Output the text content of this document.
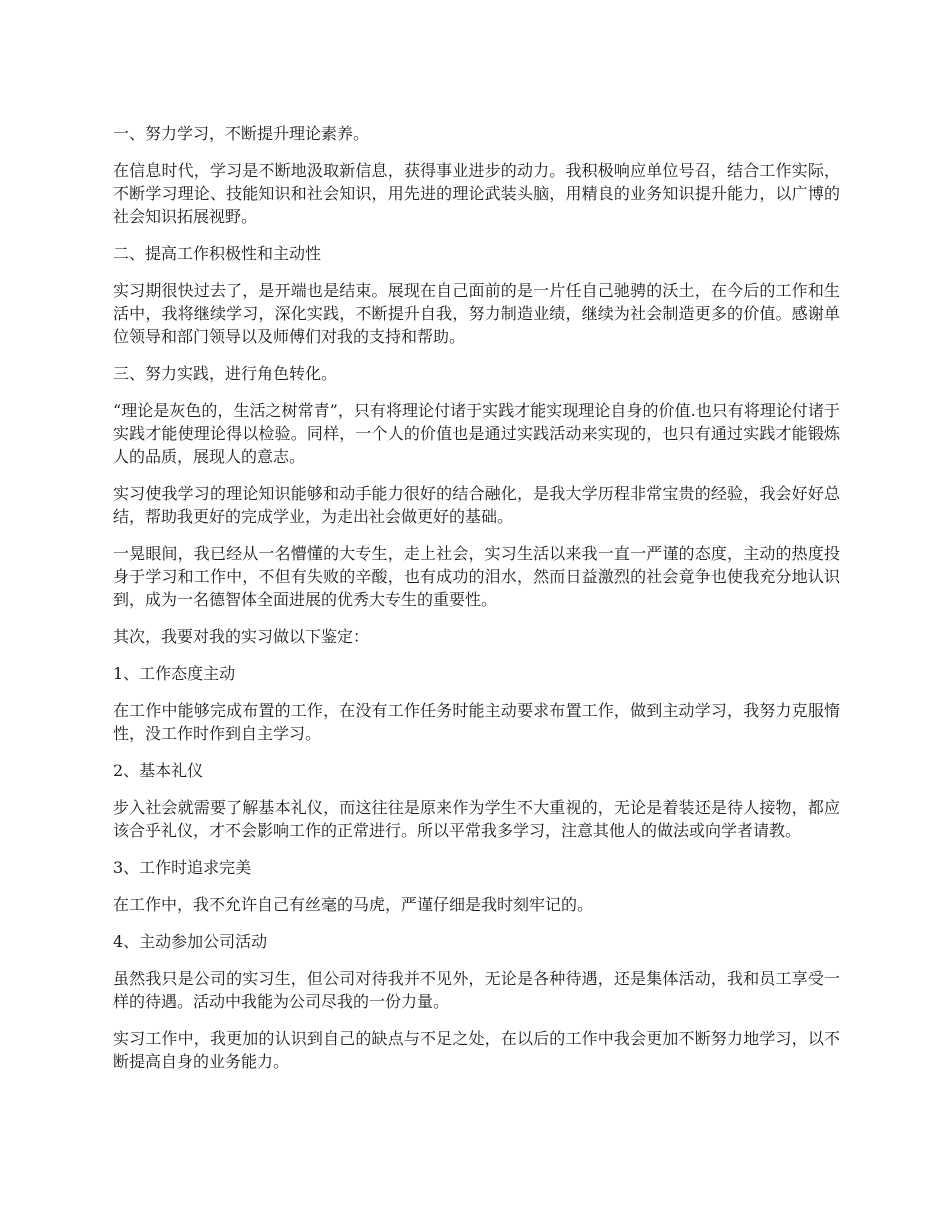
一、努力学习，不断提升理论素养。

在信息时代，学习是不断地汲取新信息，获得事业进步的动力。我积极响应单位号召，结合工作实际，不断学习理论、技能知识和社会知识，用先进的理论武装头脑，用精良的业务知识提升能力，以广博的社会知识拓展视野。

二、提高工作积极性和主动性

实习期很快过去了，是开端也是结束。展现在自己面前的是一片任自己驰骋的沃土，在今后的工作和生活中，我将继续学习，深化实践，不断提升自我，努力制造业绩，继续为社会制造更多的价值。感谢单位领导和部门领导以及师傅们对我的支持和帮助。

三、努力实践，进行角色转化。

“理论是灰色的，生活之树常青”，只有将理论付诸于实践才能实现理论自身的价值.也只有将理论付诸于实践才能使理论得以检验。同样，一个人的价值也是通过实践活动来实现的，也只有通过实践才能锻炼人的品质，展现人的意志。

实习使我学习的理论知识能够和动手能力很好的结合融化，是我大学历程非常宝贵的经验，我会好好总结，帮助我更好的完成学业，为走出社会做更好的基础。

一晃眼间，我已经从一名懵懂的大专生，走上社会，实习生活以来我一直一严谨的态度，主动的热度投身于学习和工作中，不但有失败的辛酸，也有成功的泪水，然而日益激烈的社会竟争也使我充分地认识到，成为一名德智体全面进展的优秀大专生的重要性。

其次，我要对我的实习做以下鉴定：

1、工作态度主动

在工作中能够完成布置的工作，在没有工作任务时能主动要求布置工作，做到主动学习，我努力克服惰性，没工作时作到自主学习。

2、基本礼仪

步入社会就需要了解基本礼仪，而这往往是原来作为学生不大重视的，无论是着装还是待人接物，都应该合乎礼仪，才不会影响工作的正常进行。所以平常我多学习，注意其他人的做法或向学者请教。

3、工作时追求完美

在工作中，我不允许自己有丝毫的马虎，严谨仔细是我时刻牢记的。

4、主动参加公司活动

虽然我只是公司的实习生，但公司对待我并不见外，无论是各种待遇，还是集体活动，我和员工享受一样的待遇。活动中我能为公司尽我的一份力量。

实习工作中，我更加的认识到自己的缺点与不足之处，在以后的工作中我会更加不断努力地学习，以不断提高自身的业务能力。
